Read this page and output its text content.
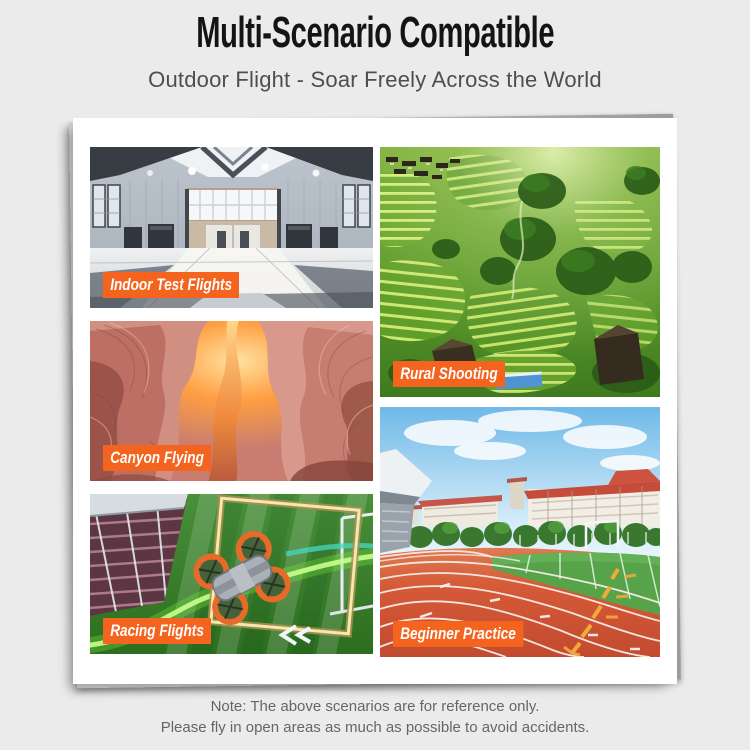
Multi-Scenario Compatible
Outdoor Flight - Soar Freely Across the World
Indoor Test Flights
Canyon Flying
Racing Flights
Rural Shooting
Beginner Practice
Note: The above scenarios are for reference only.
Please fly in open areas as much as possible to avoid accidents.
